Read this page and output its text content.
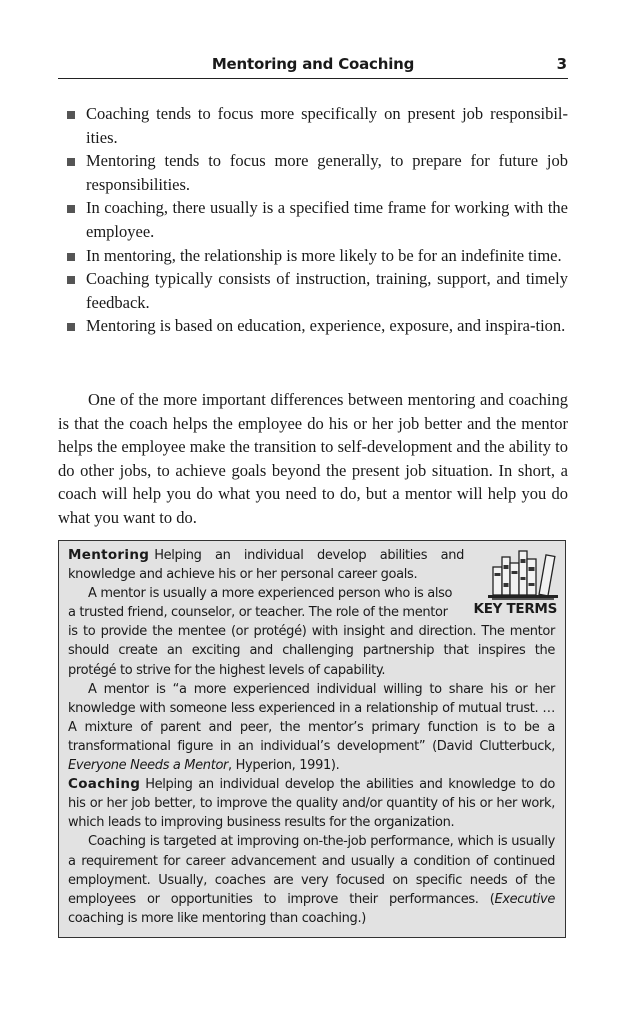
Mentoring and Coaching	3
Coaching tends to focus more specifically on present job responsibil-ities.
Mentoring tends to focus more generally, to prepare for future job responsibilities.
In coaching, there usually is a specified time frame for working with the employee.
In mentoring, the relationship is more likely to be for an indefinite time.
Coaching typically consists of instruction, training, support, and timely feedback.
Mentoring is based on education, experience, exposure, and inspira-tion.

One of the more important differences between mentoring and coaching is that the coach helps the employee do his or her job better and the mentor helps the employee make the transition to self-development and the ability to do other jobs, to achieve goals beyond the present job situation. In short, a coach will help you do what you need to do, but a mentor will help you do what you want to do.

KEY TERMS

Mentoring Helping an individual develop abilities and knowledge and achieve his or her personal career goals.

A mentor is usually a more experienced person who is also

a trusted friend, counselor, or teacher. The role of the mentor

is to provide the mentee (or protégé) with insight and direction. The mentor should create an exciting and challenging partnership that inspires the protégé to strive for the highest levels of capability.

A mentor is “a more experienced individual willing to share his or her knowledge with someone less experienced in a relationship of mutual trust. … A mixture of parent and peer, the mentor’s primary function is to be a transformational figure in an individual’s development” (David Clutterbuck, Everyone Needs a Mentor, Hyperion, 1991).

Coaching Helping an individual develop the abilities and knowledge to do his or her job better, to improve the quality and/or quantity of his or her work, which leads to improving business results for the organization.

Coaching is targeted at improving on-the-job performance, which is usually a requirement for career advancement and usually a condition of continued employment. Usually, coaches are very focused on specific needs of the employees or opportunities to improve their performances. (Executive coaching is more like mentoring than coaching.)
